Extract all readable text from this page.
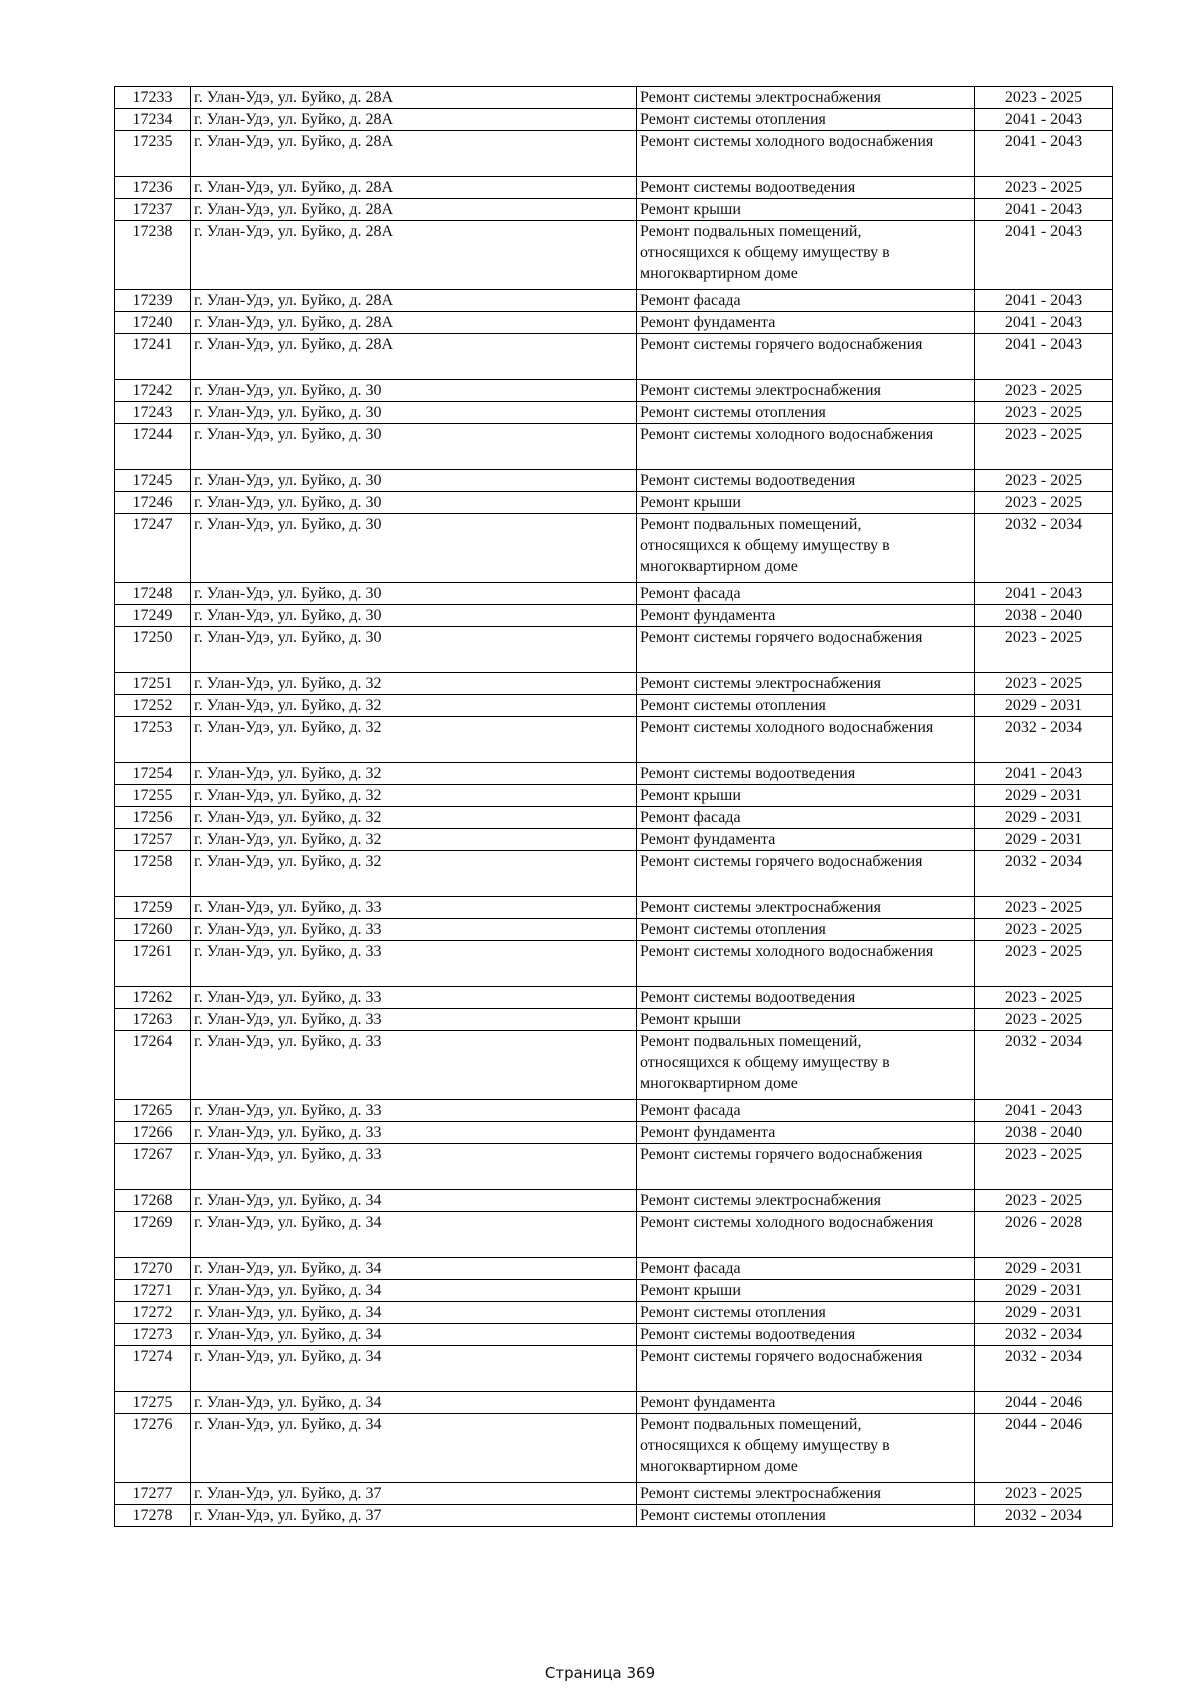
17233	г. Улан-Удэ, ул. Буйко, д. 28А	Ремонт системы электроснабжения	2023 - 2025
17234	г. Улан-Удэ, ул. Буйко, д. 28А	Ремонт системы отопления	2041 - 2043
17235	г. Улан-Удэ, ул. Буйко, д. 28А	Ремонт системы холодного водоснабжения	2041 - 2043
17236	г. Улан-Удэ, ул. Буйко, д. 28А	Ремонт системы водоотведения	2023 - 2025
17237	г. Улан-Удэ, ул. Буйко, д. 28А	Ремонт крыши	2041 - 2043
17238	г. Улан-Удэ, ул. Буйко, д. 28А	Ремонт подвальных помещений,
относящихся к общему имуществу в
многоквартирном доме	2041 - 2043
17239	г. Улан-Удэ, ул. Буйко, д. 28А	Ремонт фасада	2041 - 2043
17240	г. Улан-Удэ, ул. Буйко, д. 28А	Ремонт фундамента	2041 - 2043
17241	г. Улан-Удэ, ул. Буйко, д. 28А	Ремонт системы горячего водоснабжения	2041 - 2043
17242	г. Улан-Удэ, ул. Буйко, д. 30	Ремонт системы электроснабжения	2023 - 2025
17243	г. Улан-Удэ, ул. Буйко, д. 30	Ремонт системы отопления	2023 - 2025
17244	г. Улан-Удэ, ул. Буйко, д. 30	Ремонт системы холодного водоснабжения	2023 - 2025
17245	г. Улан-Удэ, ул. Буйко, д. 30	Ремонт системы водоотведения	2023 - 2025
17246	г. Улан-Удэ, ул. Буйко, д. 30	Ремонт крыши	2023 - 2025
17247	г. Улан-Удэ, ул. Буйко, д. 30	Ремонт подвальных помещений,
относящихся к общему имуществу в
многоквартирном доме	2032 - 2034
17248	г. Улан-Удэ, ул. Буйко, д. 30	Ремонт фасада	2041 - 2043
17249	г. Улан-Удэ, ул. Буйко, д. 30	Ремонт фундамента	2038 - 2040
17250	г. Улан-Удэ, ул. Буйко, д. 30	Ремонт системы горячего водоснабжения	2023 - 2025
17251	г. Улан-Удэ, ул. Буйко, д. 32	Ремонт системы электроснабжения	2023 - 2025
17252	г. Улан-Удэ, ул. Буйко, д. 32	Ремонт системы отопления	2029 - 2031
17253	г. Улан-Удэ, ул. Буйко, д. 32	Ремонт системы холодного водоснабжения	2032 - 2034
17254	г. Улан-Удэ, ул. Буйко, д. 32	Ремонт системы водоотведения	2041 - 2043
17255	г. Улан-Удэ, ул. Буйко, д. 32	Ремонт крыши	2029 - 2031
17256	г. Улан-Удэ, ул. Буйко, д. 32	Ремонт фасада	2029 - 2031
17257	г. Улан-Удэ, ул. Буйко, д. 32	Ремонт фундамента	2029 - 2031
17258	г. Улан-Удэ, ул. Буйко, д. 32	Ремонт системы горячего водоснабжения	2032 - 2034
17259	г. Улан-Удэ, ул. Буйко, д. 33	Ремонт системы электроснабжения	2023 - 2025
17260	г. Улан-Удэ, ул. Буйко, д. 33	Ремонт системы отопления	2023 - 2025
17261	г. Улан-Удэ, ул. Буйко, д. 33	Ремонт системы холодного водоснабжения	2023 - 2025
17262	г. Улан-Удэ, ул. Буйко, д. 33	Ремонт системы водоотведения	2023 - 2025
17263	г. Улан-Удэ, ул. Буйко, д. 33	Ремонт крыши	2023 - 2025
17264	г. Улан-Удэ, ул. Буйко, д. 33	Ремонт подвальных помещений,
относящихся к общему имуществу в
многоквартирном доме	2032 - 2034
17265	г. Улан-Удэ, ул. Буйко, д. 33	Ремонт фасада	2041 - 2043
17266	г. Улан-Удэ, ул. Буйко, д. 33	Ремонт фундамента	2038 - 2040
17267	г. Улан-Удэ, ул. Буйко, д. 33	Ремонт системы горячего водоснабжения	2023 - 2025
17268	г. Улан-Удэ, ул. Буйко, д. 34	Ремонт системы электроснабжения	2023 - 2025
17269	г. Улан-Удэ, ул. Буйко, д. 34	Ремонт системы холодного водоснабжения	2026 - 2028
17270	г. Улан-Удэ, ул. Буйко, д. 34	Ремонт фасада	2029 - 2031
17271	г. Улан-Удэ, ул. Буйко, д. 34	Ремонт крыши	2029 - 2031
17272	г. Улан-Удэ, ул. Буйко, д. 34	Ремонт системы отопления	2029 - 2031
17273	г. Улан-Удэ, ул. Буйко, д. 34	Ремонт системы водоотведения	2032 - 2034
17274	г. Улан-Удэ, ул. Буйко, д. 34	Ремонт системы горячего водоснабжения	2032 - 2034
17275	г. Улан-Удэ, ул. Буйко, д. 34	Ремонт фундамента	2044 - 2046
17276	г. Улан-Удэ, ул. Буйко, д. 34	Ремонт подвальных помещений,
относящихся к общему имуществу в
многоквартирном доме	2044 - 2046
17277	г. Улан-Удэ, ул. Буйко, д. 37	Ремонт системы электроснабжения	2023 - 2025
17278	г. Улан-Удэ, ул. Буйко, д. 37	Ремонт системы отопления	2032 - 2034
Страница 369
